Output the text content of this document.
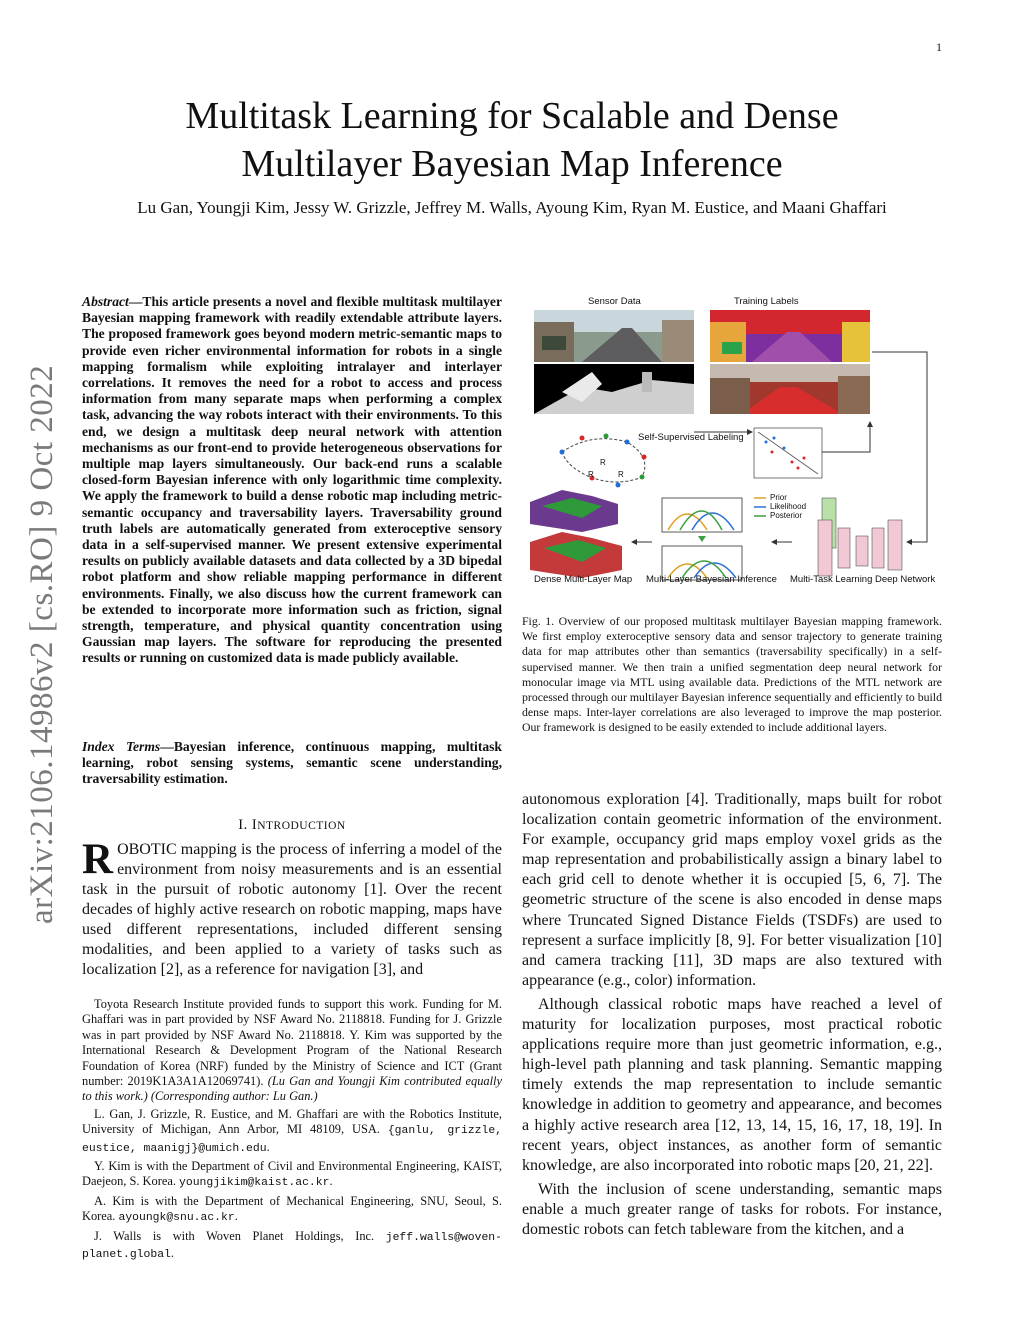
1
arXiv:2106.14986v2 [cs.RO] 9 Oct 2022
Multitask Learning for Scalable and Dense
Multilayer Bayesian Map Inference
Lu Gan, Youngji Kim, Jessy W. Grizzle, Jeffrey M. Walls, Ayoung Kim, Ryan M. Eustice, and Maani Ghaffari
Abstract—This article presents a novel and flexible multitask multilayer Bayesian mapping framework with readily extendable attribute layers. The proposed framework goes beyond modern metric-semantic maps to provide even richer environmental information for robots in a single mapping formalism while exploiting intralayer and interlayer correlations. It removes the need for a robot to access and process information from many separate maps when performing a complex task, advancing the way robots interact with their environments. To this end, we design a multitask deep neural network with attention mechanisms as our front-end to provide heterogeneous observations for multiple map layers simultaneously. Our back-end runs a scalable closed-form Bayesian inference with only logarithmic time complexity. We apply the framework to build a dense robotic map including metric-semantic occupancy and traversability layers. Traversability ground truth labels are automatically generated from exteroceptive sensory data in a self-supervised manner. We present extensive experimental results on publicly available datasets and data collected by a 3D bipedal robot platform and show reliable mapping performance in different environments. Finally, we also discuss how the current framework can be extended to incorporate more information such as friction, signal strength, temperature, and physical quantity concentration using Gaussian map layers. The software for reproducing the presented results or running on customized data is made publicly available.
Index Terms—Bayesian inference, continuous mapping, multitask learning, robot sensing systems, semantic scene understanding, traversability estimation.
I. INTRODUCTION
ROBOTIC mapping is the process of inferring a model of the environment from noisy measurements and is an essential task in the pursuit of robotic autonomy [1]. Over the recent decades of highly active research on robotic mapping, maps have used different representations, included different sensing modalities, and been applied to a variety of tasks such as localization [2], as a reference for navigation [3], and

Toyota Research Institute provided funds to support this work. Funding for M. Ghaffari was in part provided by NSF Award No. 2118818. Funding for J. Grizzle was in part provided by NSF Award No. 2118818. Y. Kim was supported by the International Research & Development Program of the National Research Foundation of Korea (NRF) funded by the Ministry of Science and ICT (Grant number: 2019K1A3A1A12069741). (Lu Gan and Youngji Kim contributed equally to this work.) (Corresponding author: Lu Gan.)

L. Gan, J. Grizzle, R. Eustice, and M. Ghaffari are with the Robotics Institute, University of Michigan, Ann Arbor, MI 48109, USA. {ganlu, grizzle, eustice, maanigj}@umich.edu.

Y. Kim is with the Department of Civil and Environmental Engineering, KAIST, Daejeon, S. Korea. youngjikim@kaist.ac.kr.

A. Kim is with the Department of Mechanical Engineering, SNU, Seoul, S. Korea. ayoungk@snu.ac.kr.

J. Walls is with Woven Planet Holdings, Inc. jeff.walls@woven-planet.global.

Sensor Data	Training Labels
Self-Supervised Labeling
R
R	R
Prior
Likelihood
Posterior
Dense Multi-Layer Map Multi-Layer Bayesian Inference Multi-Task Learning Deep Network
Fig. 1. Overview of our proposed multitask multilayer Bayesian mapping framework. We first employ exteroceptive sensory data and sensor trajectory to generate training data for map attributes other than semantics (traversability specifically) in a self-supervised manner. We then train a unified segmentation deep neural network for monocular image via MTL using available data. Predictions of the MTL network are processed through our multilayer Bayesian inference sequentially and efficiently to build dense maps. Inter-layer correlations are also leveraged to improve the map posterior. Our framework is designed to be easily extended to include additional layers.

autonomous exploration [4]. Traditionally, maps built for robot localization contain geometric information of the environment. For example, occupancy grid maps employ voxel grids as the map representation and probabilistically assign a binary label to each grid cell to denote whether it is occupied [5, 6, 7]. The geometric structure of the scene is also encoded in dense maps where Truncated Signed Distance Fields (TSDFs) are used to represent a surface implicitly [8, 9]. For better visualization [10] and camera tracking [11], 3D maps are also textured with appearance (e.g., color) information.

Although classical robotic maps have reached a level of maturity for localization purposes, most practical robotic applications require more than just geometric information, e.g., high-level path planning and task planning. Semantic mapping timely extends the map representation to include semantic knowledge in addition to geometry and appearance, and becomes a highly active research area [12, 13, 14, 15, 16, 17, 18, 19]. In recent years, object instances, as another form of semantic knowledge, are also incorporated into robotic maps [20, 21, 22].

With the inclusion of scene understanding, semantic maps enable a much greater range of tasks for robots. For instance, domestic robots can fetch tableware from the kitchen, and a
